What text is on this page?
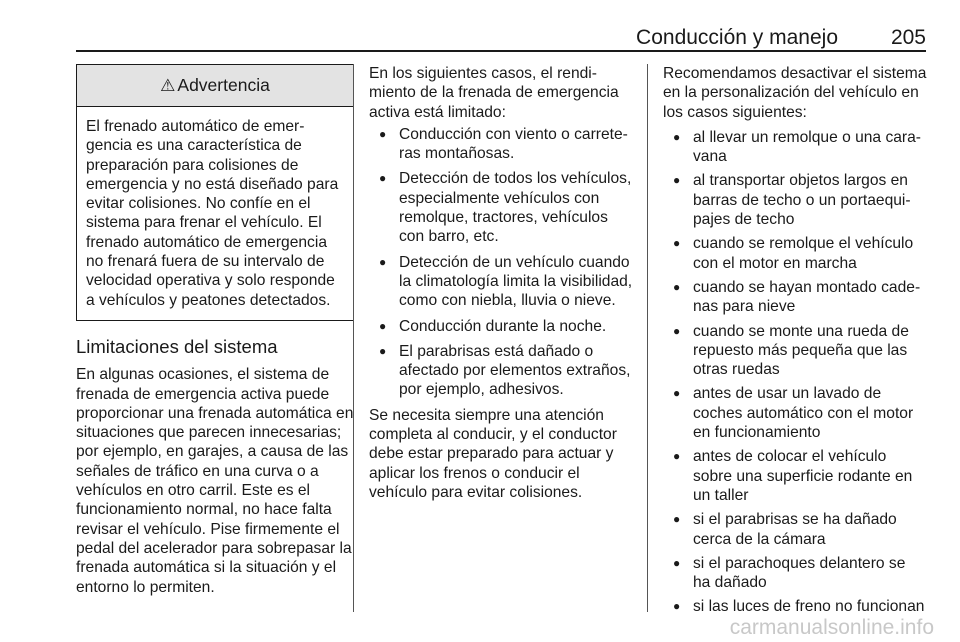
Conducción y manejo	205
⚠ Advertencia
El frenado automático de emergencia es una característica de preparación para colisiones de emergencia y no está diseñado para evitar colisiones. No confíe en el sistema para frenar el vehículo. El frenado automático de emergencia no frenará fuera de su intervalo de velocidad operativa y solo responde a vehículos y peatones detectados.
Limitaciones del sistema

En algunas ocasiones, el sistema de frenada de emergencia activa puede proporcionar una frenada automática en situaciones que parecen innecesarias; por ejemplo, en garajes, a causa de las señales de tráfico en una curva o a vehículos en otro carril. Este es el funcionamiento normal, no hace falta revisar el vehículo. Pise firmemente el pedal del acelerador para sobrepasar la frenada automática si la situación y el entorno lo permiten.

En los siguientes casos, el rendimiento de la frenada de emergencia activa está limitado:

● Conducción con viento o carreteras montañosas.
● Detección de todos los vehículos, especialmente vehículos con remolque, tractores, vehículos con barro, etc.
● Detección de un vehículo cuando la climatología limita la visibilidad, como con niebla, lluvia o nieve.
● Conducción durante la noche.
● El parabrisas está dañado o afectado por elementos extraños, por ejemplo, adhesivos.

Se necesita siempre una atención completa al conducir, y el conductor debe estar preparado para actuar y aplicar los frenos o conducir el vehículo para evitar colisiones.

Recomendamos desactivar el sistema en la personalización del vehículo en los casos siguientes:

● al llevar un remolque o una caravana
● al transportar objetos largos en barras de techo o un portaequipajes de techo
● cuando se remolque el vehículo con el motor en marcha
● cuando se hayan montado cadenas para nieve
● cuando se monte una rueda de repuesto más pequeña que las otras ruedas
● antes de usar un lavado de coches automático con el motor en funcionamiento
● antes de colocar el vehículo sobre una superficie rodante en un taller
● si el parabrisas se ha dañado cerca de la cámara
● si el parachoques delantero se ha dañado
● si las luces de freno no funcionan
carmanualsonline.info
